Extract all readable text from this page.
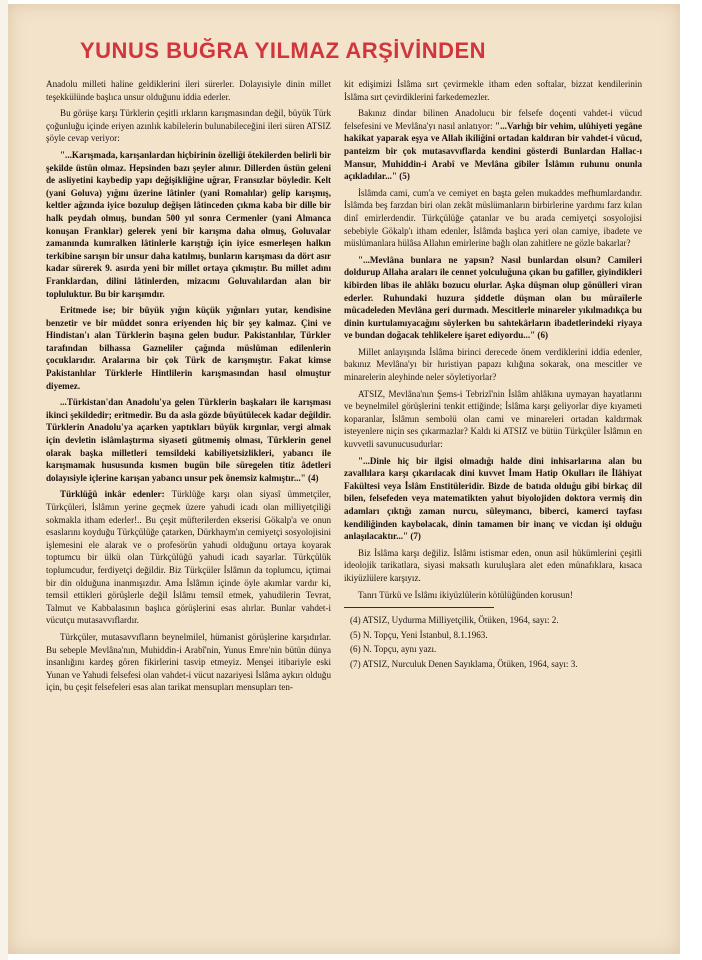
YUNUS BUĞRA YILMAZ ARŞİVİNDEN

Anadolu milleti haline geldiklerini ileri sürerler. Dolayısiyle dinin millet teşekkülünde başlıca unsur olduğunu iddia ederler.

Bu görüşe karşı Türklerin çeşitli ırkların karışmasından değil, büyük Türk çoğunluğu içinde eriyen azınlık kabilelerin bulunabileceğini ileri süren ATSIZ şöyle cevap veriyor:

"...Karışmada, karışanlardan hiçbirinin özelliği ötekilerden belirli bir şekilde üstün olmaz. Hepsinden bazı şeyler alınır. Dillerden üstün geleni de asliyetini kaybedip yapı değişikliğine uğrar, Fransızlar böyledir. Kelt (yani Goluva) yığını üzerine lâtinler (yani Romalılar) gelip karışmış, keltler ağzında iyice bozulup değişen lâtinceden çıkma kaba bir dille bir halk peydah olmuş, bundan 500 yıl sonra Cermenler (yani Almanca konuşan Franklar) gelerek yeni bir karışma daha olmuş, Goluvalar zamanında kumralken lâtinlerle karıştığı için iyice esmerleşen halkın terkibine sarışın bir unsur daha katılmış, bunların karışması da dört asır kadar sürerek 9. asırda yeni bir millet ortaya çıkmıştır. Bu millet adını Franklardan, dilini lâtinlerden, mizacını Goluvalılardan alan bir topluluktur. Bu bir karışımdır.

Eritmede ise; bir büyük yığın küçük yığınları yutar, kendisine benzetir ve bir müddet sonra eriyenden hiç bir şey kalmaz. Çini ve Hindistan'ı alan Türklerin başına gelen budur. Pakistanlılar, Türkler tarafından bilhassa Gazneliler çağında müslüman edilenlerin çocuklarıdır. Aralarına bir çok Türk de karışmıştır. Fakat kimse Pakistanlılar Türklerle Hintlilerin karışmasından hasıl olmuştur diyemez.

...Türkistan'dan Anadolu'ya gelen Türklerin başkaları ile karışması ikinci şekildedir; eritmedir. Bu da asla gözde büyütülecek kadar değildir. Türklerin Anadolu'ya açarken yaptıkları büyük kırgınlar, vergi almak için devletin islâmlaştırma siyaseti gütmemiş olması, Türklerin genel olarak başka milletleri temsildeki kabiliyetsizlikleri, yabancı ile karışmamak hususunda kısmen bugün bile süregelen titiz âdetleri dolayısiyle içlerine karışan yabancı unsur pek önemsiz kalmıştır..." (4)

Türklüğü inkâr edenler: Türklüğe karşı olan siyasî ümmetçiler, Türkçüleri, İslâmın yerine geçmek üzere yahudi icadı olan milliyetçiliği sokmakla itham ederler!.. Bu çeşit müfterilerden ekserisi Gökalp'a ve onun esaslarını koyduğu Türkçülüğe çatarken, Dürkhaym'ın cemiyetçi sosyolojisini işlemesini ele alarak ve o profesörün yahudi olduğunu ortaya koyarak toptumcu bir ülkü olan Türkçülüğü yahudi icadı sayarlar. Türkçülük toplumcudur, ferdiyetçi değildir. Biz Türkçüler İslâmın da toplumcu, içtimai bir din olduğuna inanmışızdır. Ama İslâmın içinde öyle akımlar vardır ki, temsil ettikleri görüşlerle değil İslâmı temsil etmek, yahudilerin Tevrat, Talmut ve Kabbalasının başlıca görüşlerini esas alırlar. Bunlar vahdet-i vücutçu mutasavvıflardır.

Türkçüler, mutasavvıfların beynelmilel, hümanist görüşlerine karşıdırlar. Bu sebeple Mevlâna'nın, Muhiddin-i Arabî'nin, Yunus Emre'nin bütün dünya insanlığını kardeş gören fikirlerini tasvip etmeyiz. Menşei itibariyle eski Yunan ve Yahudi felsefesi olan vahdet-i vücut nazariyesi İslâma aykırı olduğu için, bu çeşit felsefeleri esas alan tarikat mensupları mensupları ten-

kit edişimizi İslâma sırt çevirmekle itham eden softalar, bizzat kendilerinin İslâma sırt çevirdiklerini farkedemezler.

Bakınız dindar bilinen Anadolucu bir felsefe doçenti vahdet-i vücud felsefesini ve Mevlâna'yı nasıl anlatıyor: "...Varlığı bir vehim, ulûhiyeti yegâne hakikat yaparak eşya ve Allah ikiliğini ortadan kaldıran bir vahdet-i vücud, panteizm bir çok mutasavvıflarda kendini gösterdi Bunlardan Hallac-ı Mansur, Muhiddin-i Arabî ve Mevlâna gibiler İslâmın ruhunu onunla açıkladılar..." (5)

İslâmda cami, cum'a ve cemiyet en başta gelen mukaddes mefhumlardandır. İslâmda beş farzdan biri olan zekât müslümanların birbirlerine yardımı farz kılan dinî emirlerdendir. Türkçülüğe çatanlar ve bu arada cemiyetçi sosyolojisi sebebiyle Gökalp'ı itham edenler, İslâmda başlıca yeri olan camiye, ibadete ve müslümanlara hülâsa Allahın emirlerine bağlı olan zahitlere ne gözle bakarlar?

"...Mevlâna bunlara ne yapsın? Nasıl bunlardan olsun? Camileri doldurup Allaha araları ile cennet yolculuğuna çıkan bu gafiller, giyindikleri kibirden libas ile ahlâkı bozucu olurlar. Aşka düşman olup gönülleri viran ederler. Ruhundaki huzura şiddetle düşman olan bu müraîlerle mücadeleden Mevlâna geri durmadı. Mescitlerle minareler yıkılmadıkça bu dinin kurtulamıyacağını söylerken bu sahtekârların ibadetlerindeki riyaya ve bundan doğacak tehlikelere işaret ediyordu..." (6)

Millet anlayışında İslâma birinci derecede önem verdiklerini iddia edenler, bakınız Mevlâna'yı bir hıristiyan papazı kılığına sokarak, ona mescitler ve minarelerin aleyhinde neler söyletiyorlar?

ATSIZ, Mevlâna'nın Şems-i Tebrizî'nin İslâm ahlâkına uymayan hayatlarını ve beynelmilel görüşlerini tenkit ettiğinde; İslâma karşı geliyorlar diye kıyameti koparanlar, İslâmın sembolü olan cami ve minareleri ortadan kaldırmak isteyenlere niçin ses çıkarmazlar? Kaldı ki ATSIZ ve bütün Türkçüler İslâmın en kuvvetli savunucusudurlar:

"...Dinle hiç bir ilgisi olmadığı halde dini inhisarlarına alan bu zavallılara karşı çıkarılacak dini kuvvet İmam Hatip Okulları ile İlâhiyat Fakültesi veya İslâm Enstitüleridir. Bizde de batıda olduğu gibi birkaç dil bilen, felsefeden veya matematikten yahut biyolojiden doktora vermiş din adamları çıktığı zaman nurcu, süleymancı, biberci, kamerci tayfası kendiliğinden kaybolacak, dinin tamamen bir inanç ve vicdan işi olduğu anlaşılacaktır..." (7)

Biz İslâma karşı değiliz. İslâmı istismar eden, onun asil hükümlerini çeşitli ideolojik tarikatlara, siyasi maksatlı kuruluşlara alet eden münafıklara, kısaca ikiyüzlülere karşıyız.

Tanrı Türkü ve İslâmı ikiyüzlülerin kötülüğünden korusun!

(4) ATSIZ, Uydurma Milliyetçilik, Ötüken, 1964, sayı: 2.
(5) N. Topçu, Yeni İstanbul, 8.1.1963.
(6) N. Topçu, aynı yazı.
(7) ATSIZ, Nurculuk Denen Sayıklama, Ötüken, 1964, sayı: 3.
